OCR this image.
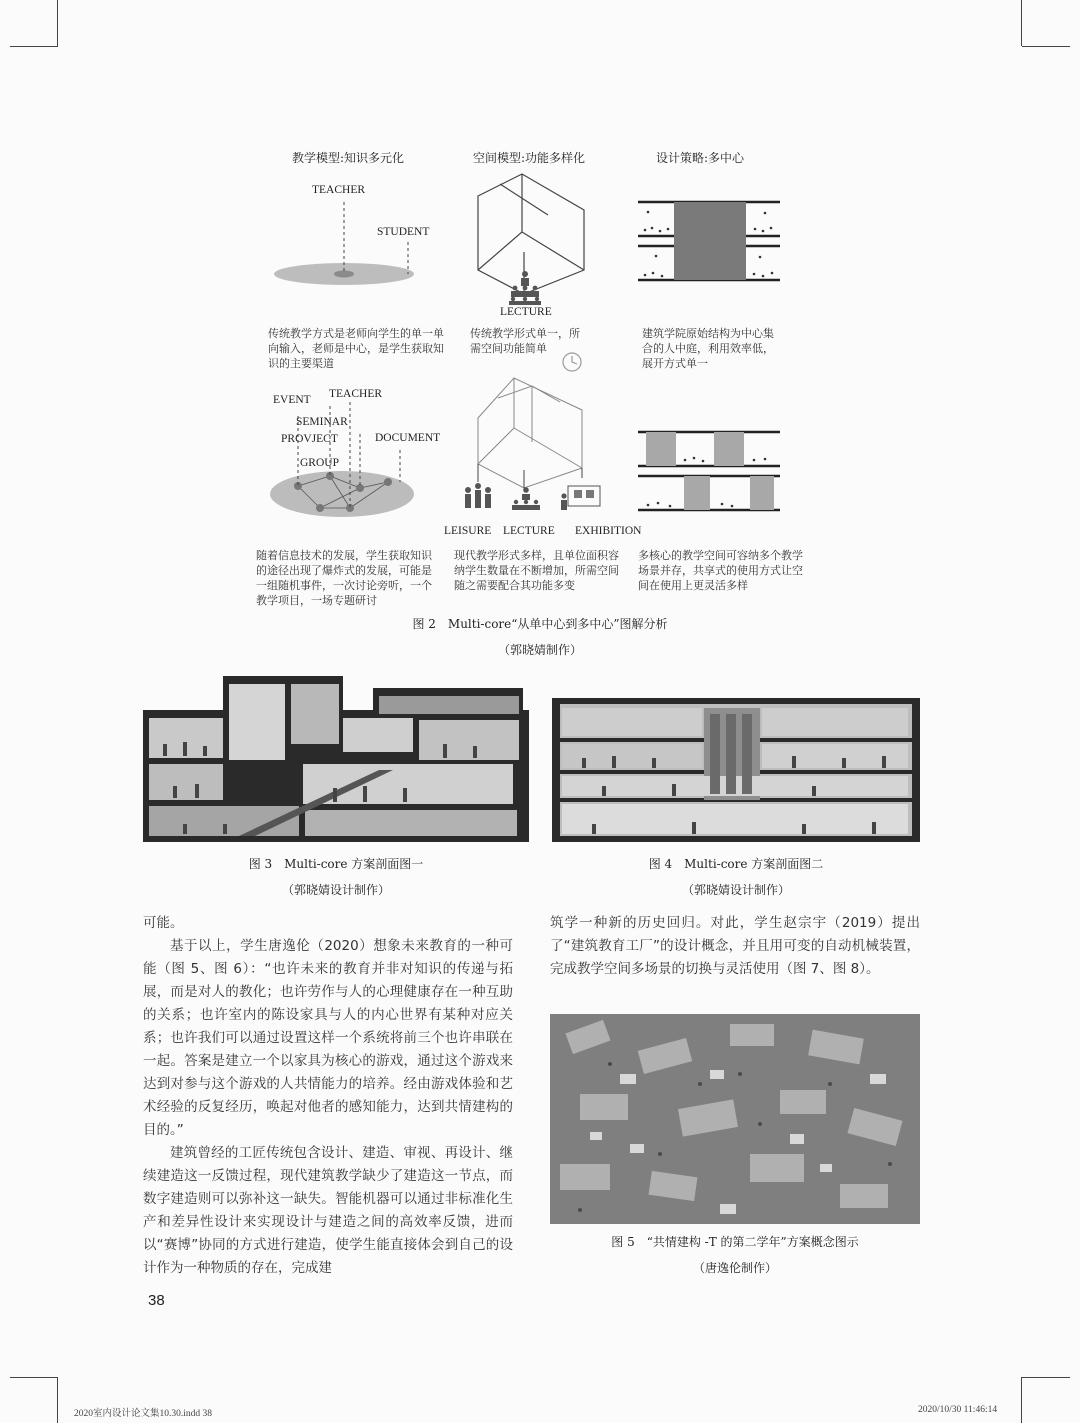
教学模型:知识多元化	空间模型:功能多样化	设计策略:多中心
TEACHER
STUDENT
LECTURE
传统教学方式是老师向学生的单一单向输入，老师是中心，是学生获取知识的主要渠道
传统教学形式单一，所需空间功能简单
建筑学院原始结构为中心集合的人中庭，利用效率低，展开方式单一
EVENT TEACHER
SEMINAR
PROVJECT	DOCUMENT
GROUP
LEISURE LECTURE EXHIBITION
随着信息技术的发展，学生获取知识的途径出现了爆炸式的发展，可能是一组随机事件，一次讨论旁听，一个教学项目，一场专题研讨
现代教学形式多样，且单位面积容纳学生数量在不断增加，所需空间随之需要配合其功能多变
多核心的教学空间可容纳多个教学场景并存，共享式的使用方式让空间在使用上更灵活多样
图 2　Multi-core“从单中心到多中心”图解分析
（郭晓婧制作）
图 3　Multi-core 方案剖面图一
（郭晓婧设计制作）
图 4　Multi-core 方案剖面图二
（郭晓婧设计制作）

可能。

基于以上，学生唐逸伦（2020）想象未来教育的一种可能（图 5、图 6）：“也许未来的教育并非对知识的传递与拓展，而是对人的教化；也许劳作与人的心理健康存在一种互助的关系；也许室内的陈设家具与人的内心世界有某种对应关系；也许我们可以通过设置这样一个系统将前三个也许串联在一起。答案是建立一个以家具为核心的游戏，通过这个游戏来达到对参与这个游戏的人共情能力的培养。经由游戏体验和艺术经验的反复经历，唤起对他者的感知能力，达到共情建构的目的。”

建筑曾经的工匠传统包含设计、建造、审视、再设计、继续建造这一反馈过程，现代建筑教学缺少了建造这一节点，而数字建造则可以弥补这一缺失。智能机器可以通过非标准化生产和差异性设计来实现设计与建造之间的高效率反馈，进而以“赛博”协同的方式进行建造，使学生能直接体会到自己的设计作为一种物质的存在，完成建

筑学一种新的历史回归。对此，学生赵宗宇（2019）提出了“建筑教育工厂”的设计概念，并且用可变的自动机械装置，完成教学空间多场景的切换与灵活使用（图 7、图 8）。

图 5　“共情建构 -T 的第二学年”方案概念图示
（唐逸伦制作）
38
2020室内设计论文集10.30.indd 38	2020/10/30 11:46:14
